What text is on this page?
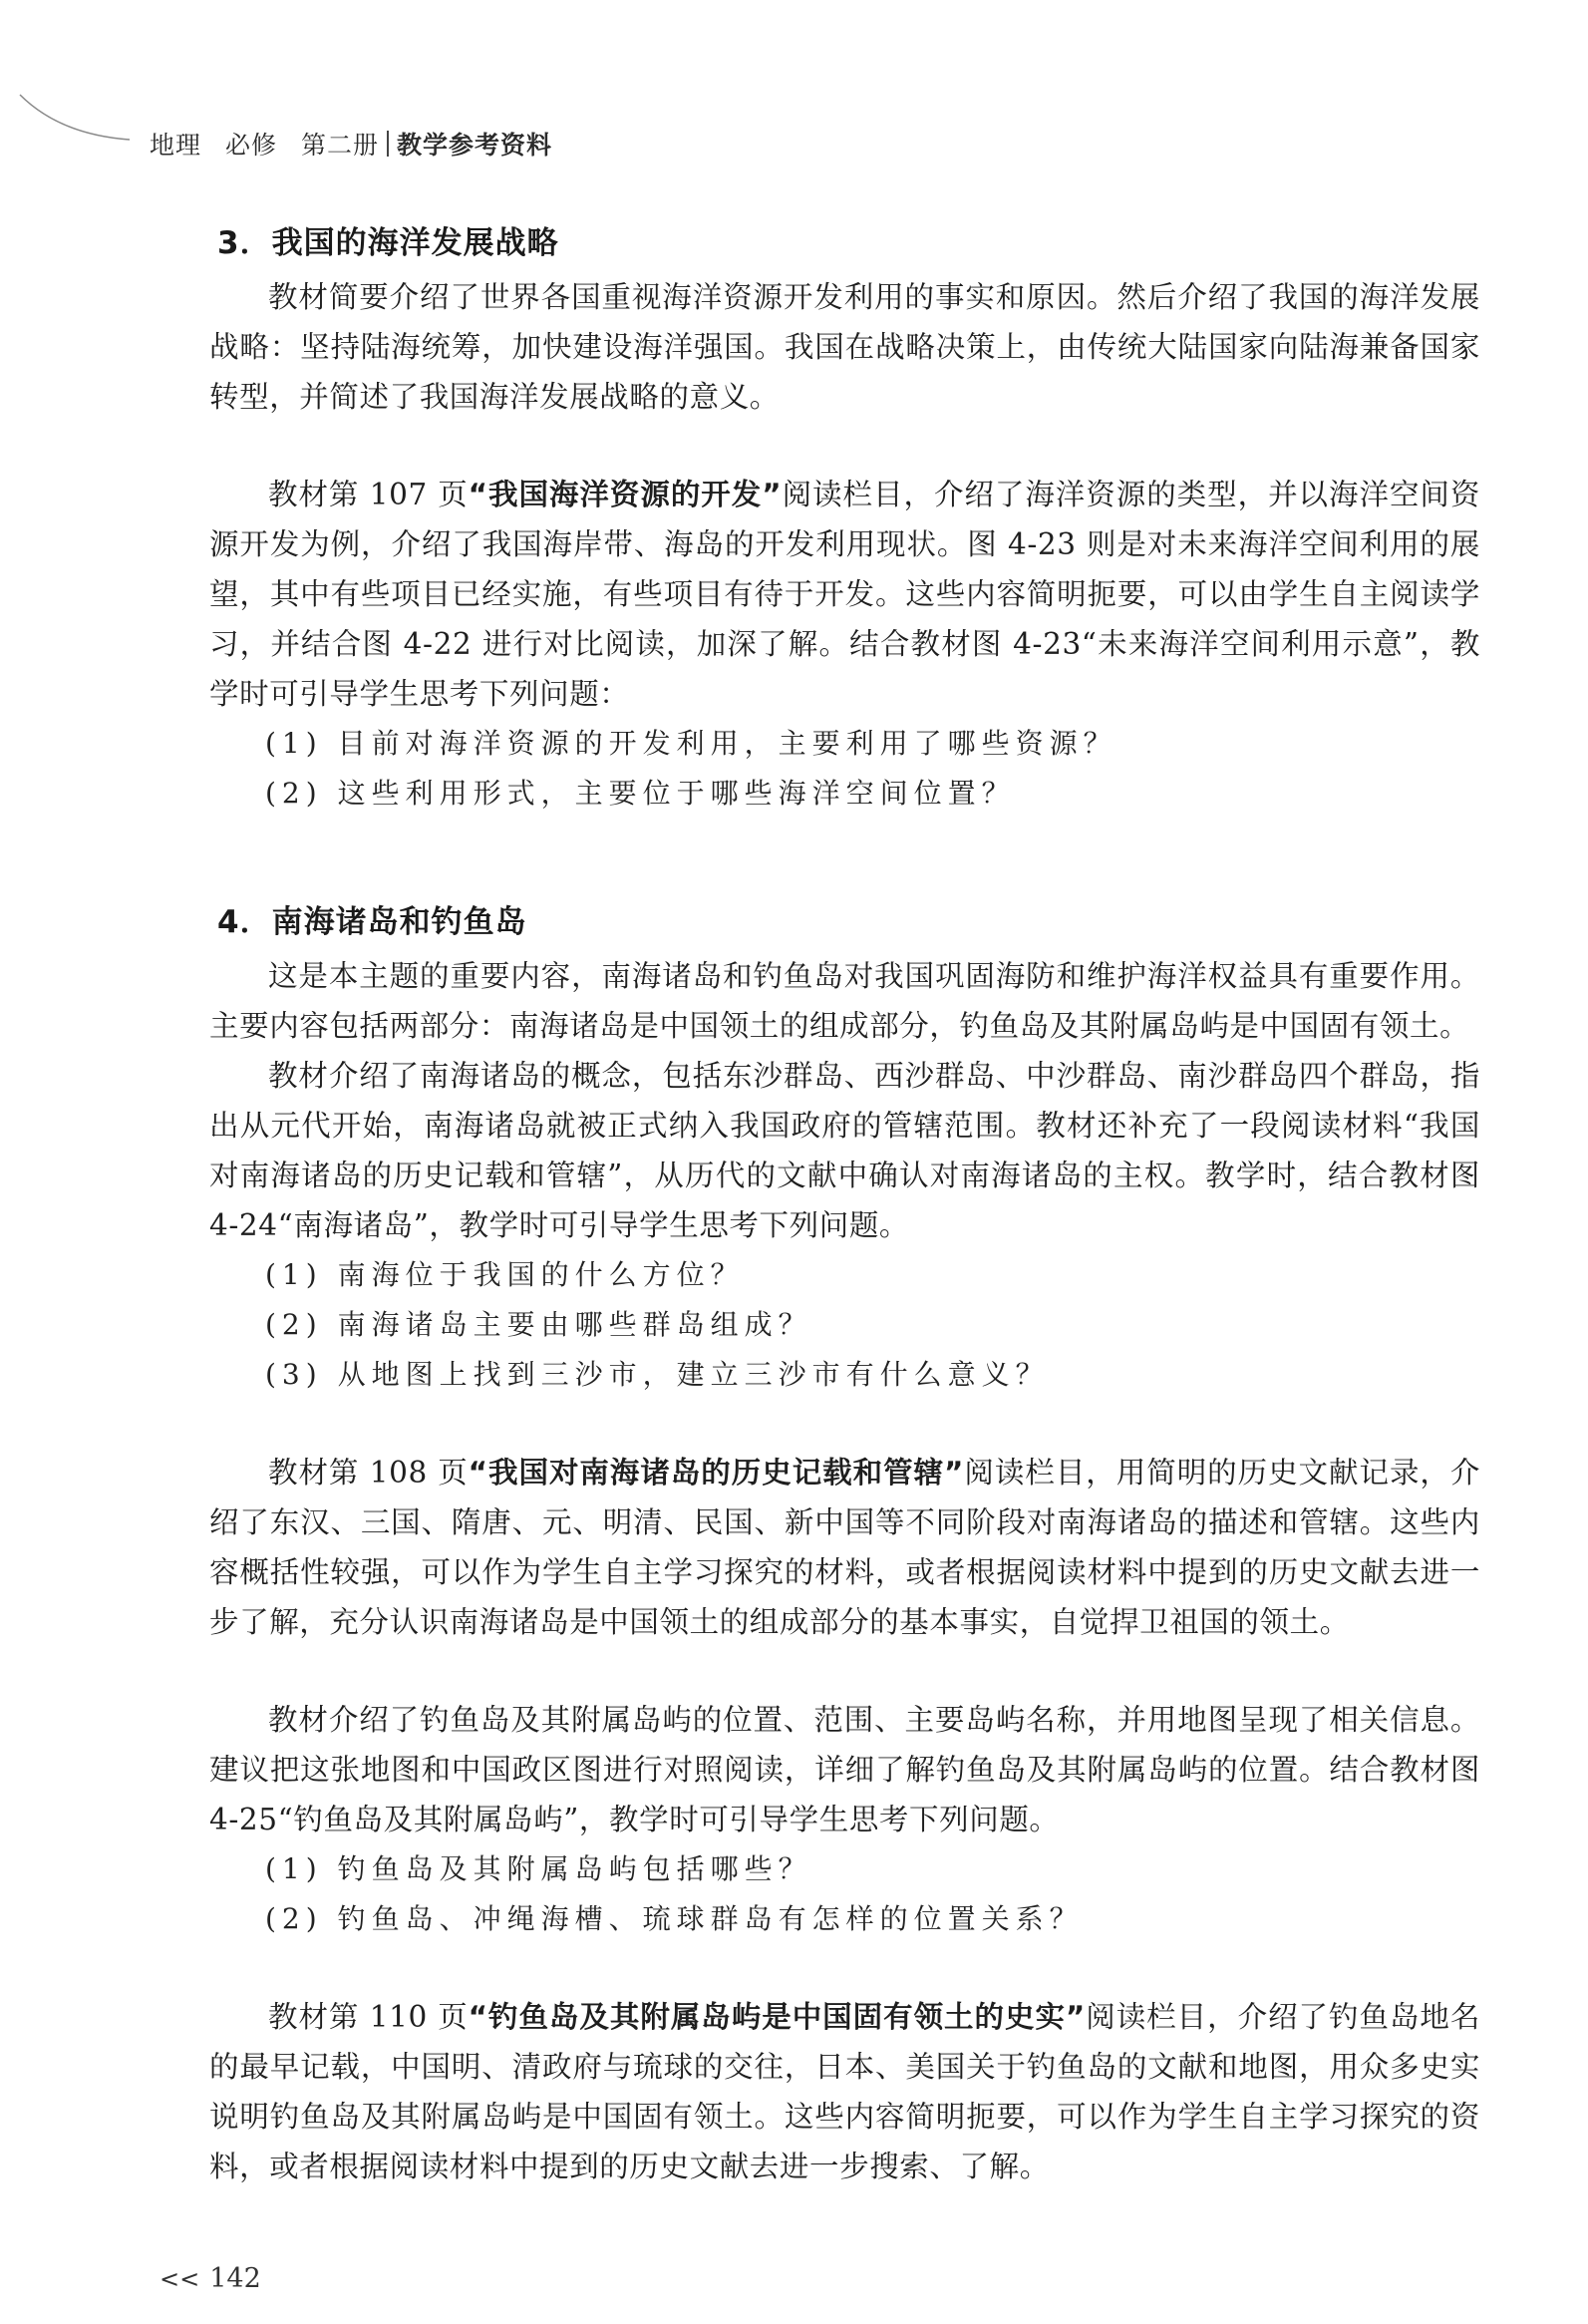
地理 必修 第二册 教学参考资料
3．我国的海洋发展战略

教材简要介绍了世界各国重视海洋资源开发利用的事实和原因。然后介绍了我国的海洋发展战略：坚持陆海统筹，加快建设海洋强国。我国在战略决策上，由传统大陆国家向陆海兼备国家转型，并简述了我国海洋发展战略的意义。

教材第 107 页“我国海洋资源的开发”阅读栏目，介绍了海洋资源的类型，并以海洋空间资源开发为例，介绍了我国海岸带、海岛的开发利用现状。图 4-23 则是对未来海洋空间利用的展望，其中有些项目已经实施，有些项目有待于开发。这些内容简明扼要，可以由学生自主阅读学习，并结合图 4-22 进行对比阅读，加深了解。结合教材图 4-23“未来海洋空间利用示意”，教学时可引导学生思考下列问题：

(1) 目前对海洋资源的开发利用，主要利用了哪些资源？
(2) 这些利用形式，主要位于哪些海洋空间位置？
4．南海诸岛和钓鱼岛

这是本主题的重要内容，南海诸岛和钓鱼岛对我国巩固海防和维护海洋权益具有重要作用。主要内容包括两部分：南海诸岛是中国领土的组成部分，钓鱼岛及其附属岛屿是中国固有领土。

教材介绍了南海诸岛的概念，包括东沙群岛、西沙群岛、中沙群岛、南沙群岛四个群岛，指出从元代开始，南海诸岛就被正式纳入我国政府的管辖范围。教材还补充了一段阅读材料“我国对南海诸岛的历史记载和管辖”，从历代的文献中确认对南海诸岛的主权。教学时，结合教材图 4-24“南海诸岛”，教学时可引导学生思考下列问题。

(1) 南海位于我国的什么方位？
(2) 南海诸岛主要由哪些群岛组成？
(3) 从地图上找到三沙市，建立三沙市有什么意义？

教材第 108 页“我国对南海诸岛的历史记载和管辖”阅读栏目，用简明的历史文献记录，介绍了东汉、三国、隋唐、元、明清、民国、新中国等不同阶段对南海诸岛的描述和管辖。这些内容概括性较强，可以作为学生自主学习探究的材料，或者根据阅读材料中提到的历史文献去进一步了解，充分认识南海诸岛是中国领土的组成部分的基本事实，自觉捍卫祖国的领土。

教材介绍了钓鱼岛及其附属岛屿的位置、范围、主要岛屿名称，并用地图呈现了相关信息。建议把这张地图和中国政区图进行对照阅读，详细了解钓鱼岛及其附属岛屿的位置。结合教材图 4-25“钓鱼岛及其附属岛屿”，教学时可引导学生思考下列问题。

(1) 钓鱼岛及其附属岛屿包括哪些？
(2) 钓鱼岛、冲绳海槽、琉球群岛有怎样的位置关系？

教材第 110 页“钓鱼岛及其附属岛屿是中国固有领土的史实”阅读栏目，介绍了钓鱼岛地名的最早记载，中国明、清政府与琉球的交往，日本、美国关于钓鱼岛的文献和地图，用众多史实说明钓鱼岛及其附属岛屿是中国固有领土。这些内容简明扼要，可以作为学生自主学习探究的资料，或者根据阅读材料中提到的历史文献去进一步搜索、了解。

<< 142
